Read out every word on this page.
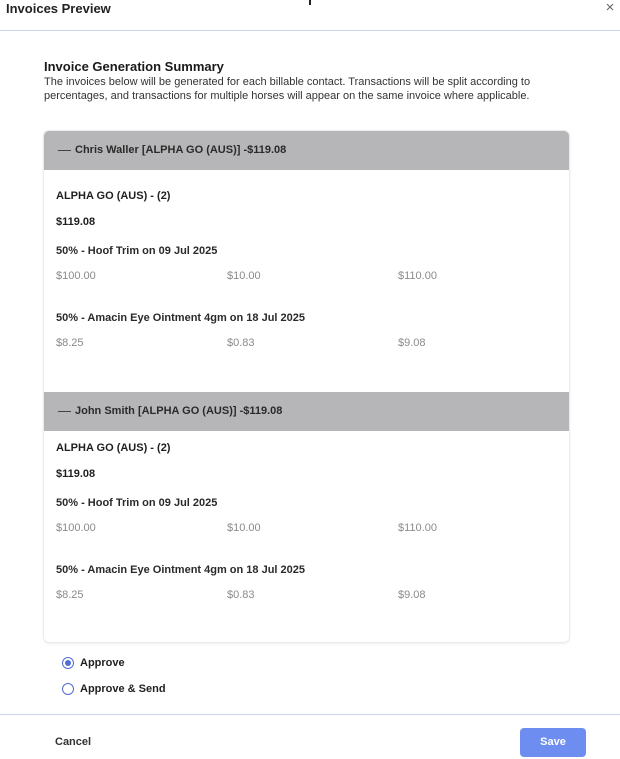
Invoices Preview	×
Invoice Generation Summary
The invoices below will be generated for each billable contact. Transactions will be split according to percentages, and transactions for multiple horses will appear on the same invoice where applicable.
— Chris Waller [ALPHA GO (AUS)] -$119.08
ALPHA GO (AUS) - (2)
$119.08
50% - Hoof Trim on 09 Jul 2025
$100.00	$10.00	$110.00
50% - Amacin Eye Ointment 4gm on 18 Jul 2025
$8.25	$0.83	$9.08
— John Smith [ALPHA GO (AUS)] -$119.08
ALPHA GO (AUS) - (2)
$119.08
50% - Hoof Trim on 09 Jul 2025
$100.00	$10.00	$110.00
50% - Amacin Eye Ointment 4gm on 18 Jul 2025
$8.25	$0.83	$9.08
Approve
Approve & Send
Cancel	Save
